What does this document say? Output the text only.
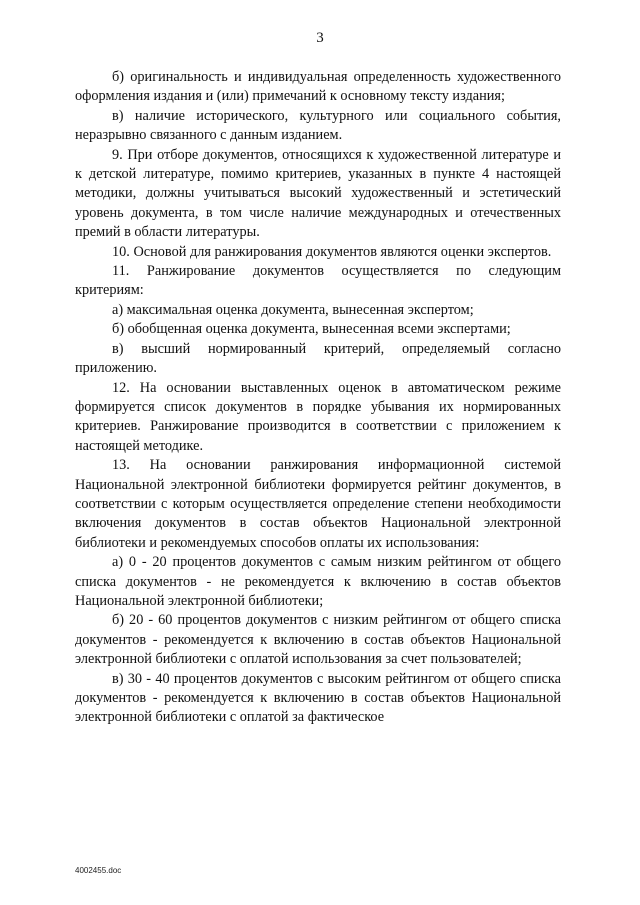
3

б) оригинальность и индивидуальная определенность художественного оформления издания и (или) примечаний к основному тексту издания;

в) наличие исторического, культурного или социального события, неразрывно связанного с данным изданием.

9. При отборе документов, относящихся к художественной литературе и к детской литературе, помимо критериев, указанных в пункте 4 настоящей методики, должны учитываться высокий художественный и эстетический уровень документа, в том числе наличие международных и отечественных премий в области литературы.

10. Основой для ранжирования документов являются оценки экспертов.

11. Ранжирование документов осуществляется по следующим критериям:

а) максимальная оценка документа, вынесенная экспертом;

б) обобщенная оценка документа, вынесенная всеми экспертами;

в) высший нормированный критерий, определяемый согласно приложению.

12. На основании выставленных оценок в автоматическом режиме формируется список документов в порядке убывания их нормированных критериев. Ранжирование производится в соответствии с приложением к настоящей методике.

13. На основании ранжирования информационной системой Национальной электронной библиотеки формируется рейтинг документов, в соответствии с которым осуществляется определение степени необходимости включения документов в состав объектов Национальной электронной библиотеки и рекомендуемых способов оплаты их использования:

а) 0 - 20 процентов документов с самым низким рейтингом от общего списка документов - не рекомендуется к включению в состав объектов Национальной электронной библиотеки;

б) 20 - 60 процентов документов с низким рейтингом от общего списка документов - рекомендуется к включению в состав объектов Национальной электронной библиотеки с оплатой использования за счет пользователей;

в) 30 - 40 процентов документов с высоким рейтингом от общего списка документов - рекомендуется к включению в состав объектов Национальной электронной библиотеки с оплатой за фактическое

4002455.doc
